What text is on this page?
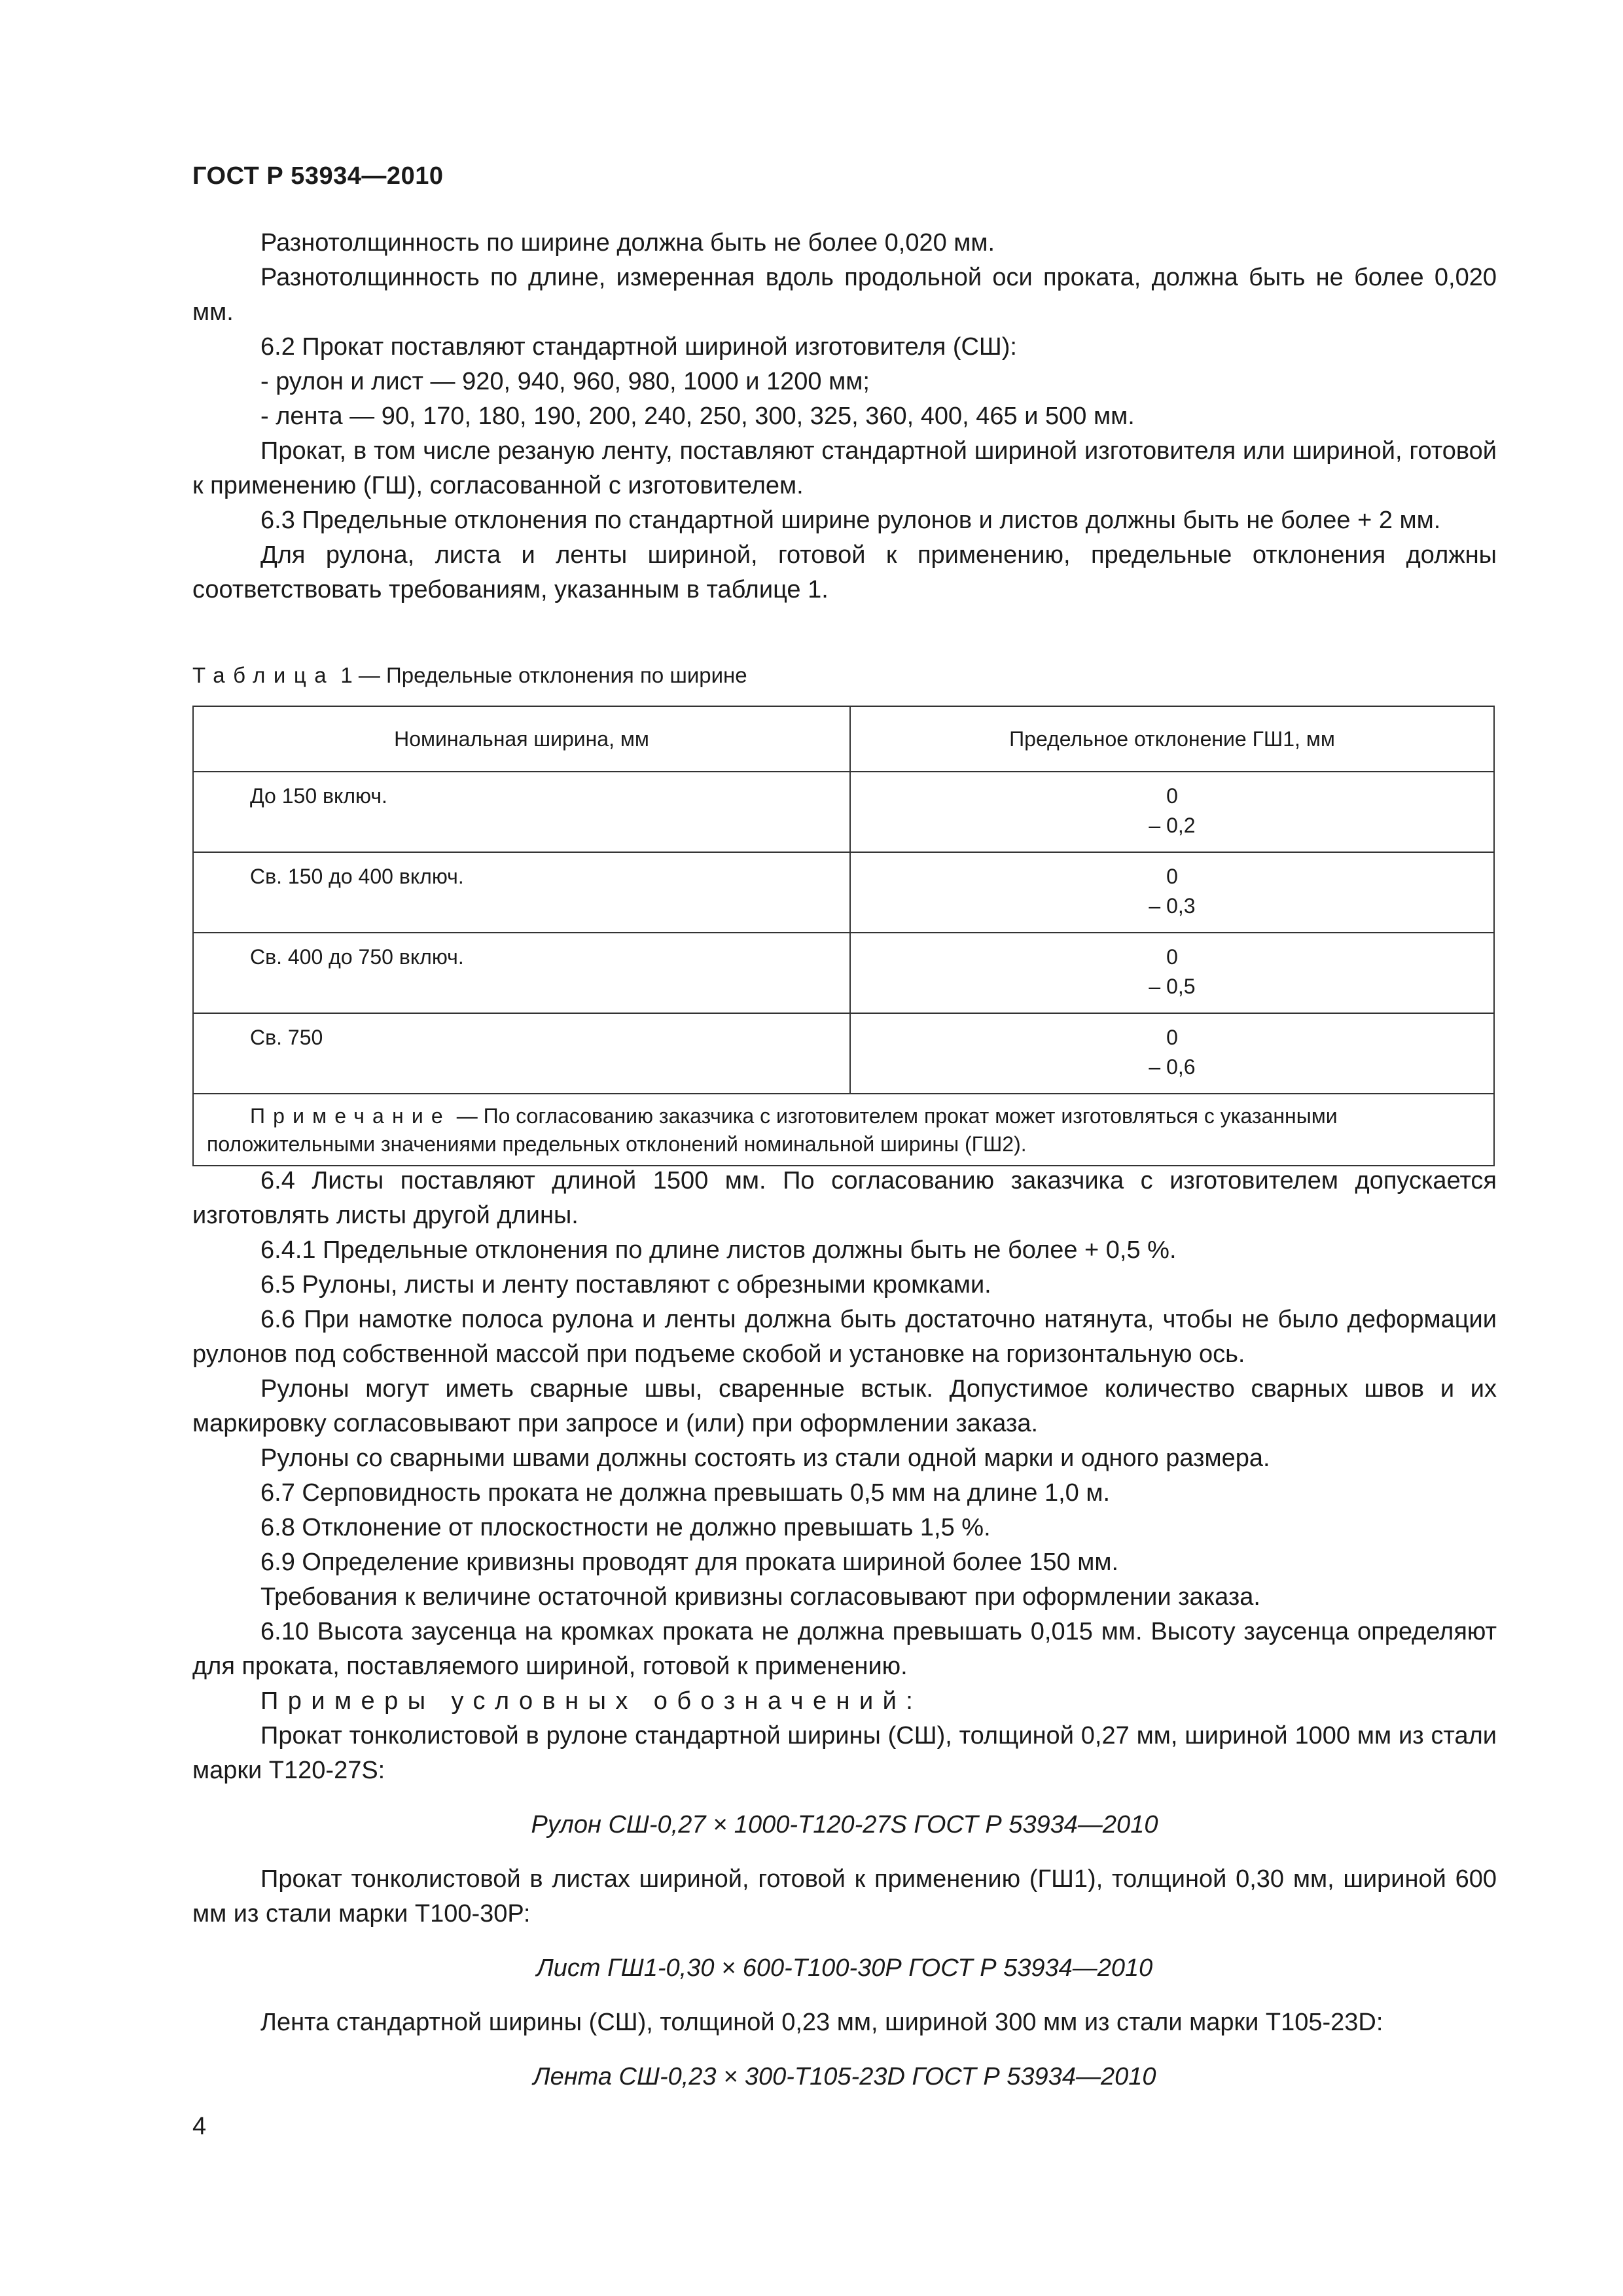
ГОСТ Р 53934—2010

Разнотолщинность по ширине должна быть не более 0,020 мм.

Разнотолщинность по длине, измеренная вдоль продольной оси проката, должна быть не более 0,020 мм.

6.2 Прокат поставляют стандартной шириной изготовителя (СШ):

- рулон и лист — 920, 940, 960, 980, 1000 и 1200 мм;

- лента — 90, 170, 180, 190, 200, 240, 250, 300, 325, 360, 400, 465 и 500 мм.

Прокат, в том числе резаную ленту, поставляют стандартной шириной изготовителя или шириной, готовой к применению (ГШ), согласованной с изготовителем.

6.3 Предельные отклонения по стандартной ширине рулонов и листов должны быть не более + 2 мм.

Для рулона, листа и ленты шириной, готовой к применению, предельные отклонения должны соответствовать требованиям, указанным в таблице 1.

Таблица 1 — Предельные отклонения по ширине
Номинальная ширина, мм	Предельное отклонение ГШ1, мм
До 150 включ.	0
– 0,2

Св. 150 до 400 включ.	0
– 0,3

Св. 400 до 750 включ.	0
– 0,5

Св. 750	0
– 0,6

Примечание — По согласованию заказчика с изготовителем прокат может изготовляться с указанными положительными значениями предельных отклонений номинальной ширины (ГШ2).	

6.4 Листы поставляют длиной 1500 мм. По согласованию заказчика с изготовителем допускается изготовлять листы другой длины.

6.4.1 Предельные отклонения по длине листов должны быть не более + 0,5 %.

6.5 Рулоны, листы и ленту поставляют с обрезными кромками.

6.6 При намотке полоса рулона и ленты должна быть достаточно натянута, чтобы не было деформации рулонов под собственной массой при подъеме скобой и установке на горизонтальную ось.

Рулоны могут иметь сварные швы, сваренные встык. Допустимое количество сварных швов и их маркировку согласовывают при запросе и (или) при оформлении заказа.

Рулоны со сварными швами должны состоять из стали одной марки и одного размера.

6.7 Серповидность проката не должна превышать 0,5 мм на длине 1,0 м.

6.8 Отклонение от плоскостности не должно превышать 1,5 %.

6.9 Определение кривизны проводят для проката шириной более 150 мм.

Требования к величине остаточной кривизны согласовывают при оформлении заказа.

6.10 Высота заусенца на кромках проката не должна превышать 0,015 мм. Высоту заусенца определяют для проката, поставляемого шириной, готовой к применению.

Примеры условных обозначений:

Прокат тонколистовой в рулоне стандартной ширины (СШ), толщиной 0,27 мм, шириной 1000 мм из стали марки Т120-27S:

Рулон СШ-0,27 × 1000-Т120-27S ГОСТ Р 53934—2010

Прокат тонколистовой в листах шириной, готовой к применению (ГШ1), толщиной 0,30 мм, шириной 600 мм из стали марки Т100-30Р:

Лист ГШ1-0,30 × 600-Т100-30Р ГОСТ Р 53934—2010

Лента стандартной ширины (СШ), толщиной 0,23 мм, шириной 300 мм из стали марки Т105-23D:

Лента СШ-0,23 × 300-Т105-23D ГОСТ Р 53934—2010

4
